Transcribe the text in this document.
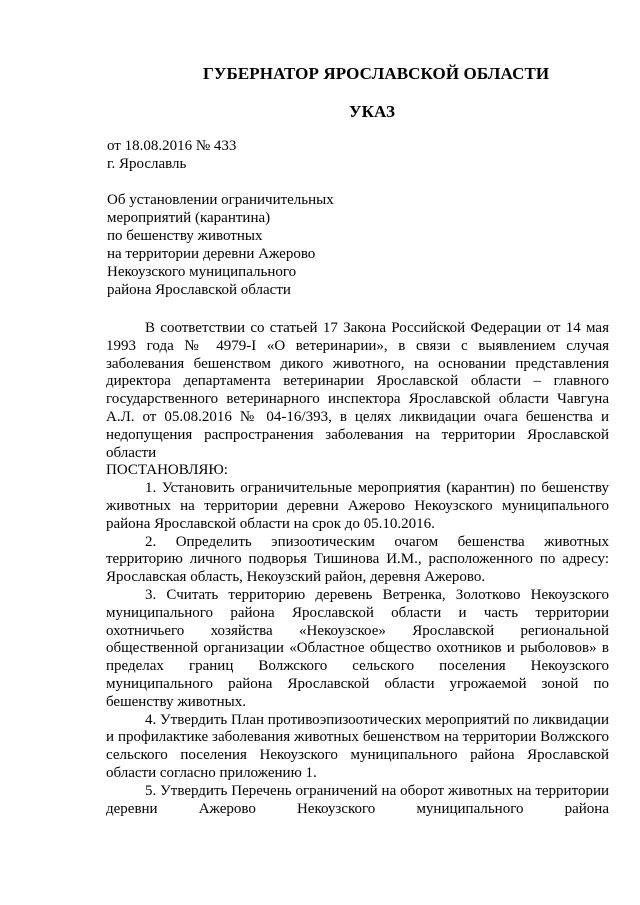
ГУБЕРНАТОР ЯРОСЛАВСКОЙ ОБЛАСТИ
УКАЗ
от 18.08.2016 № 433
г. Ярославль
Об установлении ограничительных
мероприятий (карантина)
по бешенству животных
на территории деревни Ажерово
Некоузского муниципального
района Ярославской области

В соответствии со статьей 17 Закона Российской Федерации от 14 мая 1993 года № 4979-I «О ветеринарии», в связи с выявлением случая заболевания бешенством дикого животного, на основании представления директора департамента ветеринарии Ярославской области – главного государственного ветеринарного инспектора Ярославской области Чавгуна А.Л. от 05.08.2016 № 04-16/393, в целях ликвидации очага бешенства и недопущения распространения заболевания на территории Ярославской области

ПОСТАНОВЛЯЮ:

1. Установить ограничительные мероприятия (карантин) по бешенству животных на территории деревни Ажерово Некоузского муниципального района Ярославской области на срок до 05.10.2016.

2. Определить эпизоотическим очагом бешенства животных территорию личного подворья Тишинова И.М., расположенного по адресу: Ярославская область, Некоузский район, деревня Ажерово.

3. Считать территорию деревень Ветренка, Золотково Некоузского муниципального района Ярославской области и часть территории охотничьего хозяйства «Некоузское» Ярославской региональной общественной организации «Областное общество охотников и рыболовов» в пределах границ Волжского сельского поселения Некоузского муниципального района Ярославской области угрожаемой зоной по бешенству животных.

4. Утвердить План противоэпизоотических мероприятий по ликвидации и профилактике заболевания животных бешенством на территории Волжского сельского поселения Некоузского муниципального района Ярославской области согласно приложению 1.

5. Утвердить Перечень ограничений на оборот животных на территории деревни Ажерово Некоузского муниципального района
